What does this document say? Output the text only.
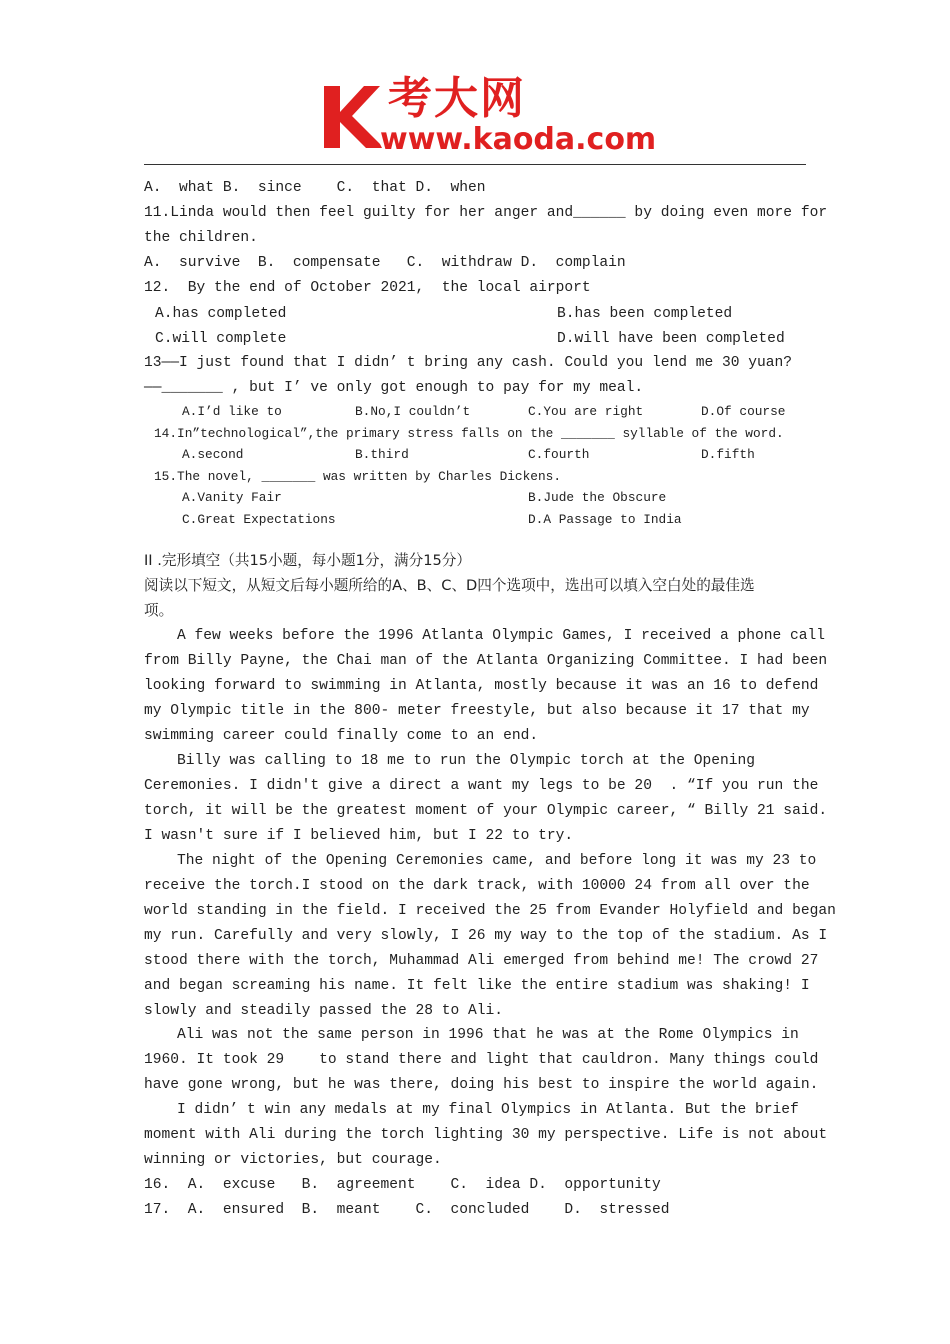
考大网
www.kaoda.com
A.  what B.  since    C.  that D.  when
11.Linda would then feel guilty for her anger and______ by doing even more for
the children.
A.  survive  B.  compensate   C.  withdraw D.  complain
12.  By the end of October 2021,  the local airport
A.has completed	B.has been completed
C.will complete	D.will have been completed
13——I just found that I didn’ t bring any cash. Could you lend me 30 yuan?
——_______ , but I’ ve only got enough to pay for my meal.
A.I’d like to	B.No,I couldn’t	C.You are right	D.Of course
14.In”technological”,the primary stress falls on the _______ syllable of the word.
A.second	B.third	C.fourth	D.fifth
15.The novel, _______ was written by Charles Dickens.
A.Vanity Fair	B.Jude the Obscure
C.Great Expectations	D.A Passage to India
II .完形填空（共15小题，每小题1分，满分15分）
阅读以下短文，从短文后每小题所给的A、B、C、D四个选项中，选出可以填入空白处的最佳选
项。
A few weeks before the 1996 Atlanta Olympic Games, I received a phone call
from Billy Payne, the Chai man of the Atlanta Organizing Committee. I had been
looking forward to swimming in Atlanta, mostly because it was an 16 to defend
my Olympic title in the 800- meter freestyle, but also because it 17 that my
swimming career could finally come to an end.
Billy was calling to 18 me to run the Olympic torch at the Opening
Ceremonies. I didn't give a direct a want my legs to be 20  . “If you run the
torch, it will be the greatest moment of your Olympic career, “ Billy 21 said.
I wasn't sure if I believed him, but I 22 to try.
The night of the Opening Ceremonies came, and before long it was my 23 to
receive the torch.I stood on the dark track, with 10000 24 from all over the
world standing in the field. I received the 25 from Evander Holyfield and began
my run. Carefully and very slowly, I 26 my way to the top of the stadium. As I
stood there with the torch, Muhammad Ali emerged from behind me! The crowd 27
and began screaming his name. It felt like the entire stadium was shaking! I
slowly and steadily passed the 28 to Ali.
Ali was not the same person in 1996 that he was at the Rome Olympics in
1960. It took 29    to stand there and light that cauldron. Many things could
have gone wrong, but he was there, doing his best to inspire the world again.
I didn’ t win any medals at my final Olympics in Atlanta. But the brief
moment with Ali during the torch lighting 30 my perspective. Life is not about
winning or victories, but courage.
16.  A.  excuse   B.  agreement    C.  idea D.  opportunity
17.  A.  ensured  B.  meant    C.  concluded    D.  stressed
